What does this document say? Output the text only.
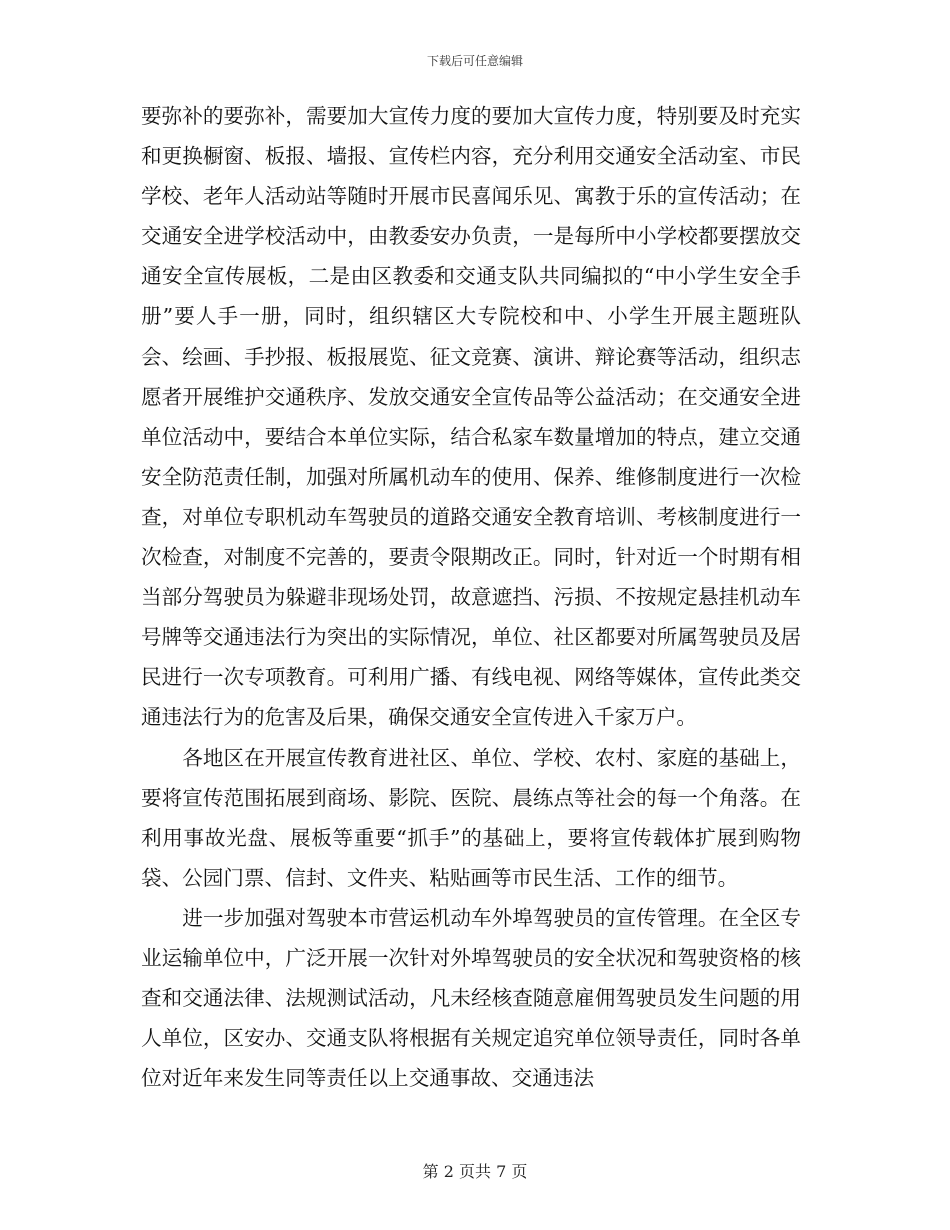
下载后可任意编辑

要弥补的要弥补，需要加大宣传力度的要加大宣传力度，特别要及时充实和更换橱窗、板报、墙报、宣传栏内容，充分利用交通安全活动室、市民学校、老年人活动站等随时开展市民喜闻乐见、寓教于乐的宣传活动；在交通安全进学校活动中，由教委安办负责，一是每所中小学校都要摆放交通安全宣传展板，二是由区教委和交通支队共同编拟的“中小学生安全手册”要人手一册，同时，组织辖区大专院校和中、小学生开展主题班队会、绘画、手抄报、板报展览、征文竞赛、演讲、辩论赛等活动，组织志愿者开展维护交通秩序、发放交通安全宣传品等公益活动；在交通安全进单位活动中，要结合本单位实际，结合私家车数量增加的特点，建立交通安全防范责任制，加强对所属机动车的使用、保养、维修制度进行一次检查，对单位专职机动车驾驶员的道路交通安全教育培训、考核制度进行一次检查，对制度不完善的，要责令限期改正。同时，针对近一个时期有相当部分驾驶员为躲避非现场处罚，故意遮挡、污损、不按规定悬挂机动车号牌等交通违法行为突出的实际情况，单位、社区都要对所属驾驶员及居民进行一次专项教育。可利用广播、有线电视、网络等媒体，宣传此类交通违法行为的危害及后果，确保交通安全宣传进入千家万户。

各地区在开展宣传教育进社区、单位、学校、农村、家庭的基础上，要将宣传范围拓展到商场、影院、医院、晨练点等社会的每一个角落。在利用事故光盘、展板等重要“抓手”的基础上，要将宣传载体扩展到购物袋、公园门票、信封、文件夹、粘贴画等市民生活、工作的细节。

进一步加强对驾驶本市营运机动车外埠驾驶员的宣传管理。在全区专业运输单位中，广泛开展一次针对外埠驾驶员的安全状况和驾驶资格的核查和交通法律、法规测试活动，凡未经核查随意雇佣驾驶员发生问题的用人单位，区安办、交通支队将根据有关规定追究单位领导责任，同时各单位对近年来发生同等责任以上交通事故、交通违法

第 2 页共 7 页
